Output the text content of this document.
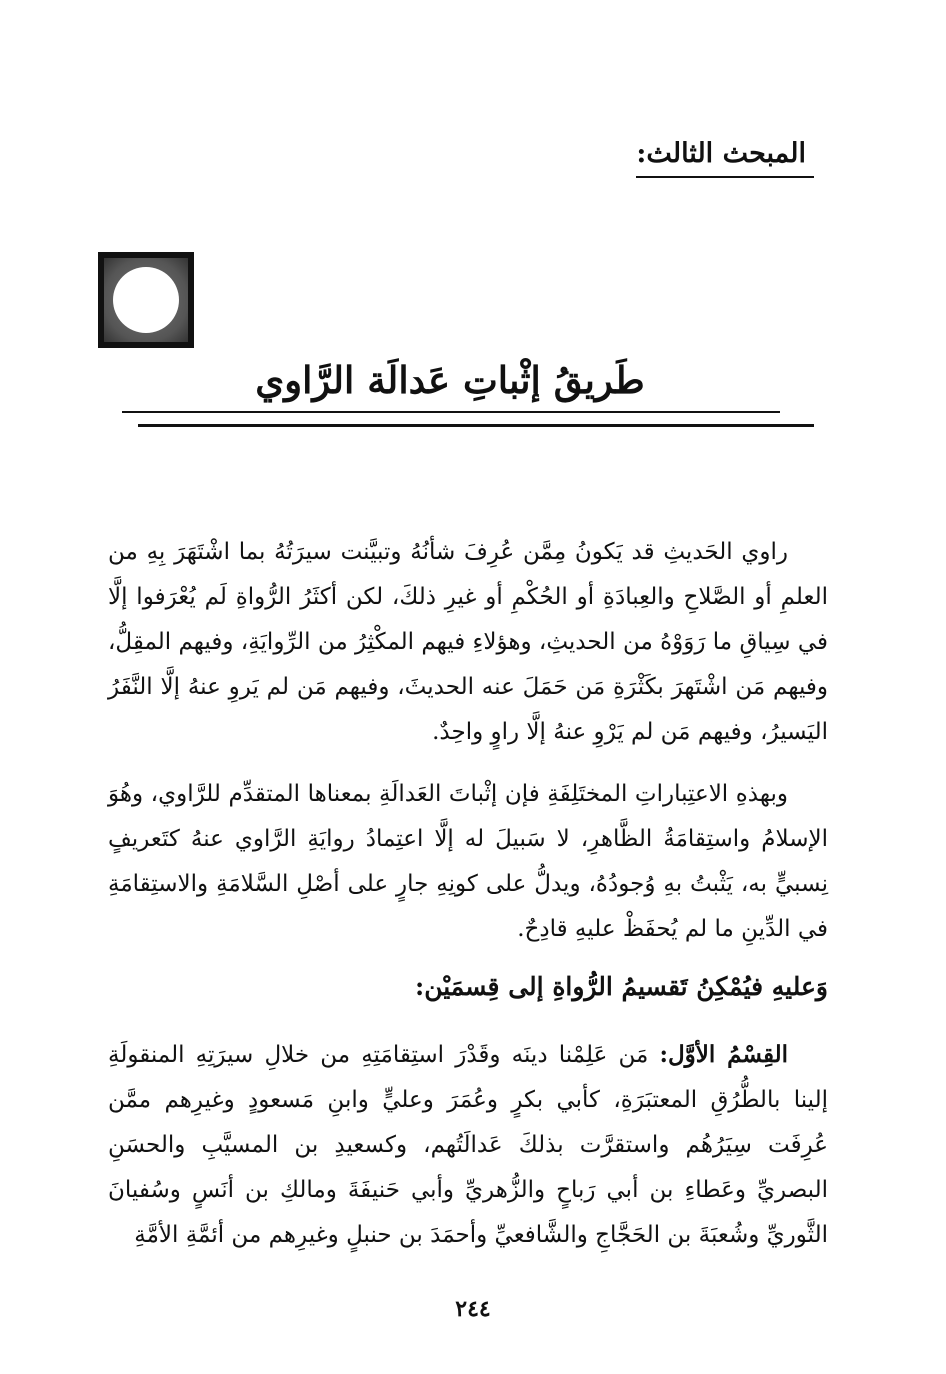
المبحث الثالث:
طَريقُ إثْباتِ عَدالَة الرَّاوي
راوي الحَديثِ قد يَكونُ مِمَّن عُرِفَ شأنُهُ وتبيَّنت سيرَتُهُ بما اشْتَهَرَ بِهِ من العلمِ أو الصَّلاحِ والعِبادَةِ أو الحُكْمِ أو غيرِ ذلكَ، لكن أكثَرُ الرُّواةِ لَم يُعْرَفوا إلَّا في سِياقِ ما رَوَوْهُ من الحديثِ، وهؤلاءِ فيهم المكْثِرُ من الرِّوايَةِ، وفيهم المقِلُّ، وفيهم مَن اشْتَهرَ بكَثْرَةِ مَن حَمَلَ عنه الحديثَ، وفيهم مَن لم يَروِ عنهُ إلَّا النَّفَرُ اليَسيرُ، وفيهم مَن لم يَرْوِ عنهُ إلَّا راوٍ واحِدٌ.
وبهذهِ الاعتِباراتِ المختَلِفَةِ فإن إثْباتَ العَدالَةِ بمعناها المتقدِّم للرَّاوي، وهُوَ الإسلامُ واستِقامَةُ الظَّاهرِ، لا سَبيلَ له إلَّا اعتِمادُ روايَةِ الرَّاوي عنهُ كتَعريفٍ نِسبيٍّ به، يَثْبتُ بهِ وُجودُهُ، ويدلُّ على كونِهِ جارٍ على أصْلِ السَّلامَةِ والاستِقامَةِ في الدِّينِ ما لم يُحفَظْ عليهِ قادِحٌ.
وَعليهِ فيُمْكِنُ تَقسيمُ الرُّواةِ إلى قِسمَيْن:
القِسْمُ الأوَّل: مَن عَلِمْنا دينَه وقَدْرَ استِقامَتِهِ من خلالِ سيرَتِهِ المنقولَةِ إلينا بالطُّرُقِ المعتبَرَةِ، كأبي بكرٍ وعُمَرَ وعليٍّ وابنِ مَسعودٍ وغيرِهم ممَّن عُرِفَت سِيَرُهُم واستقرَّت بذلكَ عَدالَتُهم، وكسعيدِ بن المسيَّبِ والحسَنِ البصريِّ وعَطاءِ بن أبي رَباحٍ والزُّهريِّ وأبي حَنيفَةَ ومالكِ بن أنَسٍ وسُفيانَ الثَّوريِّ وشُعبَةَ بن الحَجَّاجِ والشَّافعيِّ وأحمَدَ بن حنبلٍ وغيرِهم من أئمَّةِ الأمَّةِ
٢٤٤
